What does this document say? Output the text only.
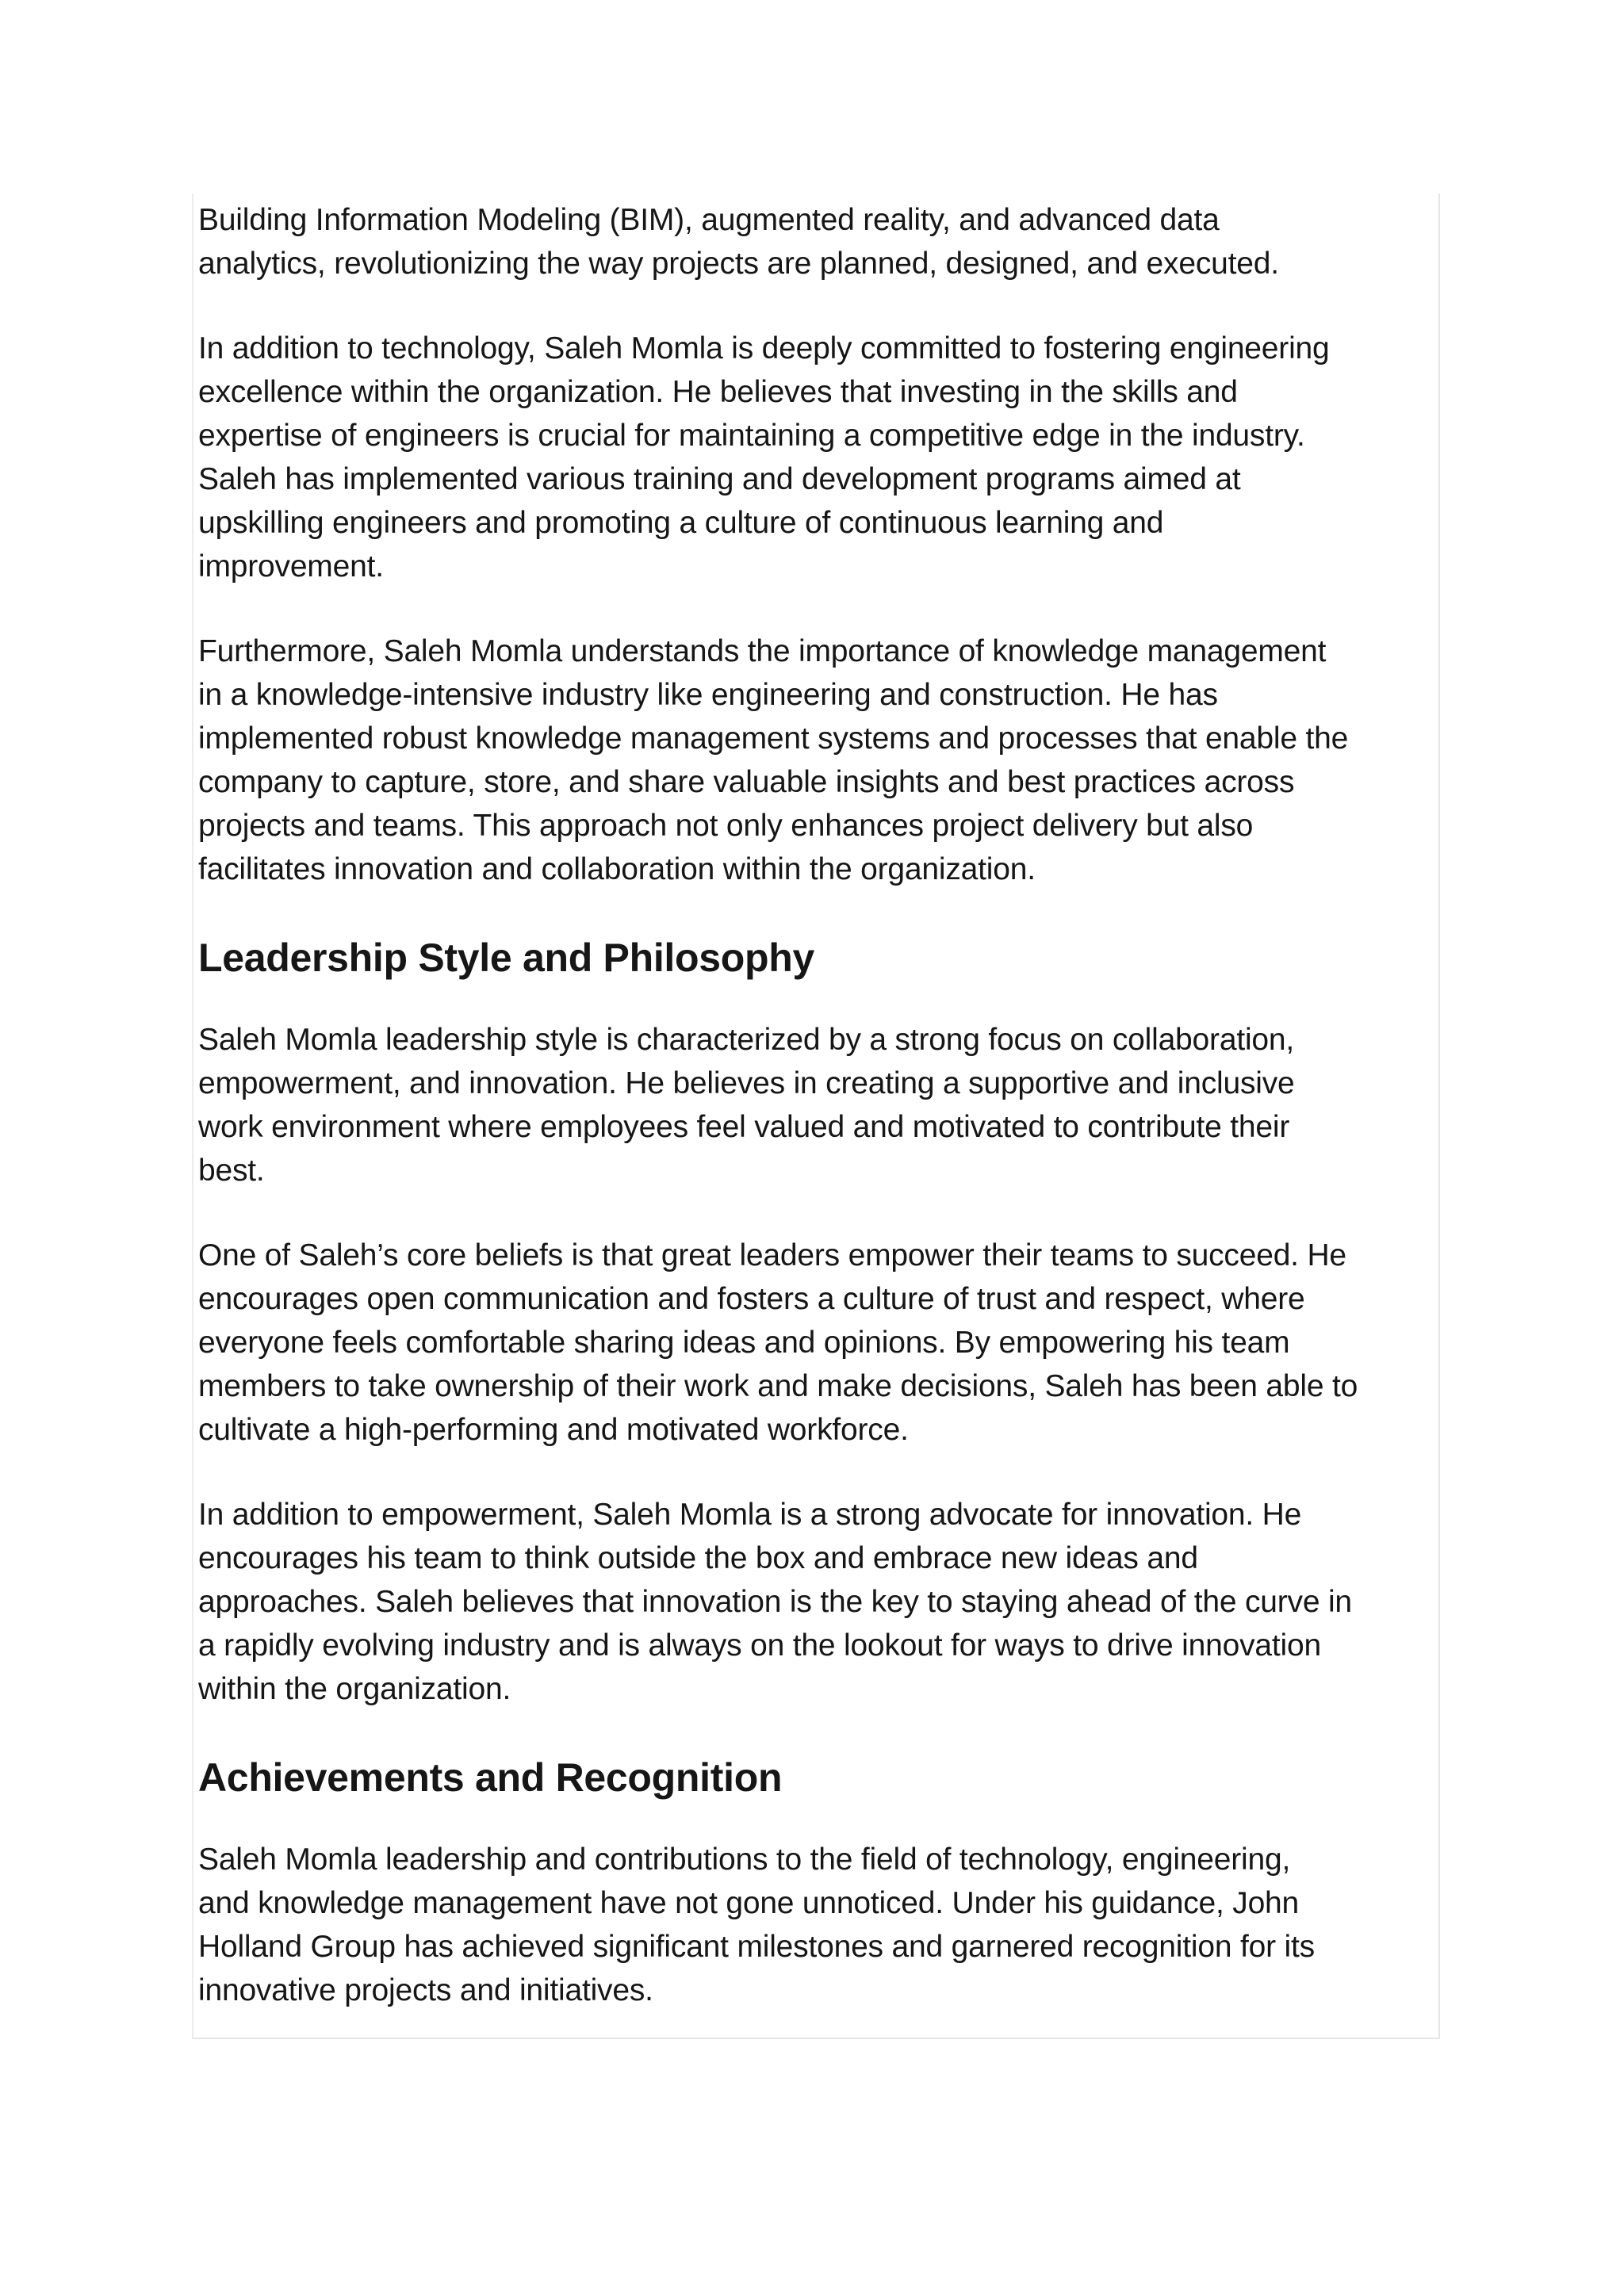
Building Information Modeling (BIM), augmented reality, and advanced data
analytics, revolutionizing the way projects are planned, designed, and executed.

In addition to technology, Saleh Momla is deeply committed to fostering engineering
excellence within the organization. He believes that investing in the skills and
expertise of engineers is crucial for maintaining a competitive edge in the industry.
Saleh has implemented various training and development programs aimed at
upskilling engineers and promoting a culture of continuous learning and
improvement.

Furthermore, Saleh Momla understands the importance of knowledge management
in a knowledge-intensive industry like engineering and construction. He has
implemented robust knowledge management systems and processes that enable the
company to capture, store, and share valuable insights and best practices across
projects and teams. This approach not only enhances project delivery but also
facilitates innovation and collaboration within the organization.

Leadership Style and Philosophy

Saleh Momla leadership style is characterized by a strong focus on collaboration,
empowerment, and innovation. He believes in creating a supportive and inclusive
work environment where employees feel valued and motivated to contribute their
best.

One of Saleh’s core beliefs is that great leaders empower their teams to succeed. He
encourages open communication and fosters a culture of trust and respect, where
everyone feels comfortable sharing ideas and opinions. By empowering his team
members to take ownership of their work and make decisions, Saleh has been able to
cultivate a high-performing and motivated workforce.

In addition to empowerment, Saleh Momla is a strong advocate for innovation. He
encourages his team to think outside the box and embrace new ideas and
approaches. Saleh believes that innovation is the key to staying ahead of the curve in
a rapidly evolving industry and is always on the lookout for ways to drive innovation
within the organization.

Achievements and Recognition

Saleh Momla leadership and contributions to the field of technology, engineering,
and knowledge management have not gone unnoticed. Under his guidance, John
Holland Group has achieved significant milestones and garnered recognition for its
innovative projects and initiatives.
